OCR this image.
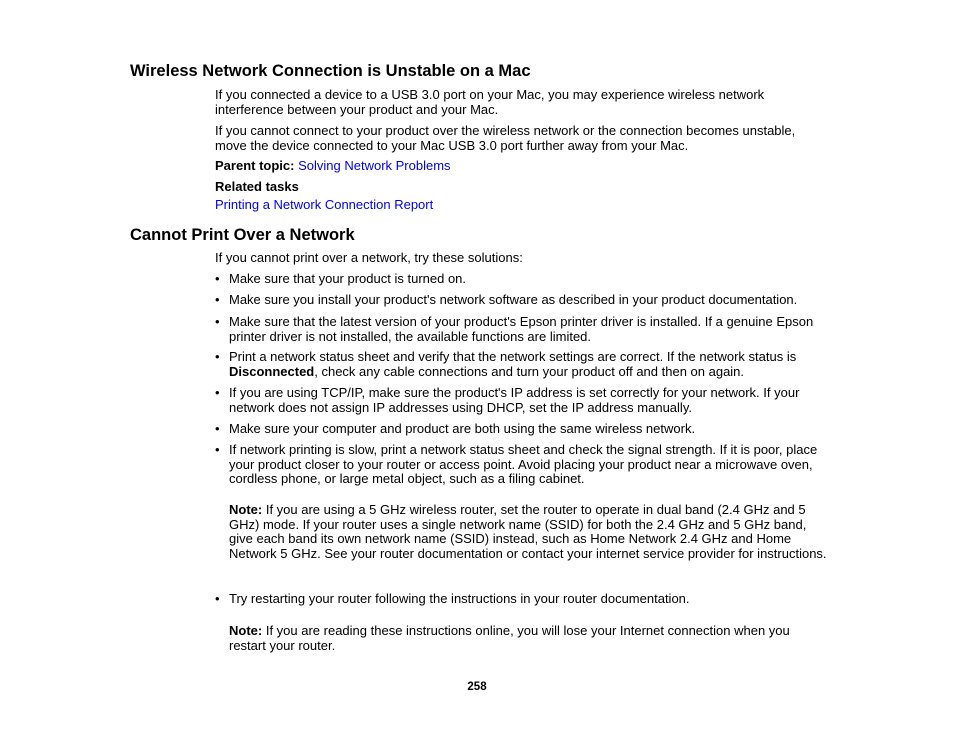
Wireless Network Connection is Unstable on a Mac

If you connected a device to a USB 3.0 port on your Mac, you may experience wireless network interference between your product and your Mac.

If you cannot connect to your product over the wireless network or the connection becomes unstable, move the device connected to your Mac USB 3.0 port further away from your Mac.

Parent topic: Solving Network Problems

Related tasks

Printing a Network Connection Report

Cannot Print Over a Network

If you cannot print over a network, try these solutions:

• Make sure that your product is turned on.
• Make sure you install your product's network software as described in your product documentation.
• Make sure that the latest version of your product's Epson printer driver is installed. If a genuine Epson printer driver is not installed, the available functions are limited.
• Print a network status sheet and verify that the network settings are correct. If the network status is Disconnected, check any cable connections and turn your product off and then on again.
• If you are using TCP/IP, make sure the product's IP address is set correctly for your network. If your network does not assign IP addresses using DHCP, set the IP address manually.
• Make sure your computer and product are both using the same wireless network.
• If network printing is slow, print a network status sheet and check the signal strength. If it is poor, place your product closer to your router or access point. Avoid placing your product near a microwave oven, cordless phone, or large metal object, such as a filing cabinet.
Note: If you are using a 5 GHz wireless router, set the router to operate in dual band (2.4 GHz and 5 GHz) mode. If your router uses a single network name (SSID) for both the 2.4 GHz and 5 GHz band, give each band its own network name (SSID) instead, such as Home Network 2.4 GHz and Home Network 5 GHz. See your router documentation or contact your internet service provider for instructions.
• Try restarting your router following the instructions in your router documentation.
Note: If you are reading these instructions online, you will lose your Internet connection when you restart your router.
258
